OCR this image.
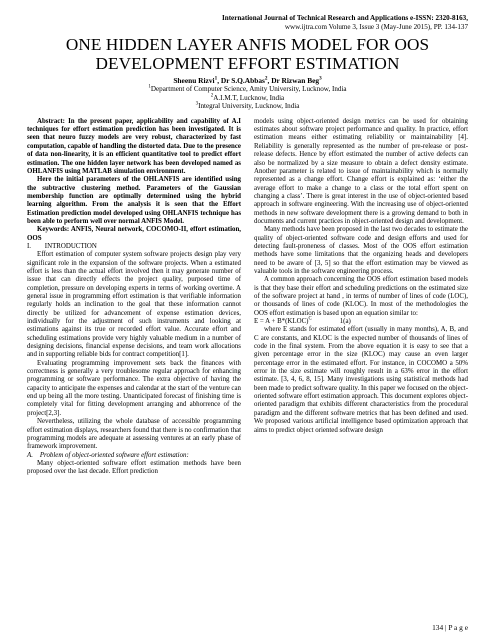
International Journal of Technical Research and Applications e-ISSN: 2320-8163,
www.ijtra.com Volume 3, Issue 3 (May-June 2015), PP. 134-137
ONE HIDDEN LAYER ANFIS MODEL FOR OOS
DEVELOPMENT EFFORT ESTIMATION
Sheenu Rizvi$^1$, Dr S.Q.Abbas$^2$, Dr Rizwan Beg$^3$
$^1$Department of Computer Science, Amity University, Lucknow, India
$^2$A.I.M.T, Lucknow, India
$^3$Integral University, Lucknow, India

Abstract: In the present paper, applicability and capability of A.I techniques for effort estimation prediction has been investigated. It is seen that neuro fuzzy models are very robust, characterized by fast computation, capable of handling the distorted data. Due to the presence of data non-linearity, it is an efficient quantitative tool to predict effort estimation. The one hidden layer network has been developed named as OHLANFIS using MATLAB simulation environment.

Here the initial parameters of the OHLANFIS are identified using the subtractive clustering method. Parameters of the Gaussian membership function are optimally determined using the hybrid learning algorithm. From the analysis it is seen that the Effort Estimation prediction model developed using OHLANFIS technique has been able to perform well over normal ANFIS Model.

Keywords: ANFIS, Neural network, COCOMO-II, effort estimation, OOS

I.  INTRODUCTION

Effort estimation of computer system software projects design play very significant role in the expansion of the software projects. When a estimated effort is less than the actual effort involved then it may generate number of issue that can directly effects the project quality, purposed time of completion, pressure on developing experts in terms of working overtime. A general issue in programming effort estimation is that verifiable information regularly holds an inclination to the goal that these information cannot directly be utilized for advancement of expense estimation devices, individually for the adjustment of such instruments and looking at estimations against its true or recorded effort value. Accurate effort and scheduling estimations provide very highly valuable medium in a number of designing decisions, financial expense decisions, and team work allocations and in supporting reliable bids for contract competition[1].

Evaluating programming improvement sets back the finances with correctness is generally a very troublesome regular approach for enhancing programming or software performance. The extra objective of having the capacity to anticipate the expenses and calendar at the start of the venture can end up being all the more testing. Unanticipated forecast of finishing time is completely vital for fitting development arranging and abhorrence of the project[2,3].

Nevertheless, utilizing the whole database of accessible programming effort estimation displays, researchers found that there is no confirmation that programming models are adequate at assessing ventures at an early phase of framework improvement.

A. Problem of object-oriented software effort estimation:

Many object-oriented software effort estimation methods have been proposed over the last decade. Effort prediction

models using object-oriented design metrics can be used for obtaining estimates about software project performance and quality. In practice, effort estimation means either estimating reliability or maintainability [4]. Reliability is generally represented as the number of pre-release or post-release defects. Hence by effort estimated the number of active defects can also be normalized by a size measure to obtain a defect density estimate. Another parameter is related to issue of maintainability which is normally represented as a change effort. Change effort is explained as: ‘either the average effort to make a change to a class or the total effort spent on changing a class’. There is great interest in the use of object-oriented based approach in software engineering. With the increasing use of object-oriented methods in new software development there is a growing demand to both in documents and current practices in object-oriented design and development.

Many methods have been proposed in the last two decades to estimate the quality of object-oriented software code and design efforts and used for detecting fault-proneness of classes. Most of the OOS effort estimation methods have some limitations that the organizing heads and developers need to be aware of [3, 5] so that the effort estimation may be viewed as valuable tools in the software engineering process.

A common approach concerning the OOS effort estimation based models is that they base their effort and scheduling predictions on the estimated size of the software project at hand , in terms of number of lines of code (LOC), or thousands of lines of code (KLOC). In most of the methodologies the OOS effort estimation is based upon an equation similar to:

E = A + B*(KLOC)$^C$	1(a)

where E stands for estimated effort (usually in many months), A, B, and C are constants, and KLOC is the expected number of thousands of lines of code in the final system. From the above equation it is easy to see that a given percentage error in the size (KLOC) may cause an even larger percentage error in the estimated effort. For instance, in COCOMO a 50% error in the size estimate will roughly result in a 63% error in the effort estimate. [3, 4, 6, 8, 15]. Many investigations using statistical methods had been made to predict software quality. In this paper we focused on the object-oriented software effort estimation approach. This document explores object-oriented paradigm that exhibits different characteristics from the procedural paradigm and the different software metrics that has been defined and used. We proposed various artificial intelligence based optimization approach that aims to predict object oriented software design

134 | P a g e
